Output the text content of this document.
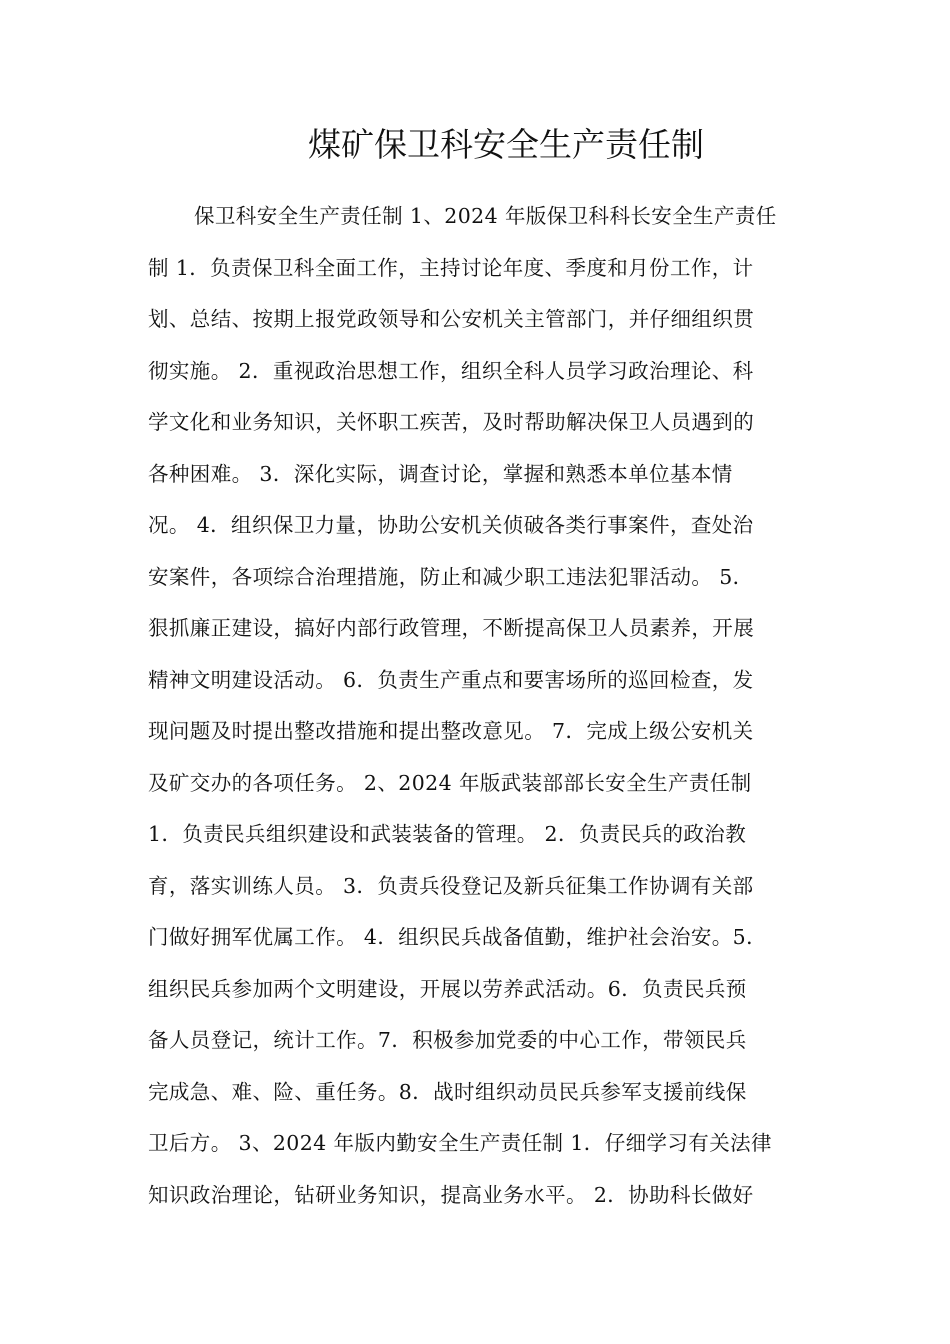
煤矿保卫科安全生产责任制
保卫科安全生产责任制 1、2024 年版保卫科科长安全生产责任
制 1．负责保卫科全面工作，主持讨论年度、季度和月份工作，计
划、总结、按期上报党政领导和公安机关主管部门，并仔细组织贯
彻实施。 2．重视政治思想工作，组织全科人员学习政治理论、科
学文化和业务知识，关怀职工疾苦，及时帮助解决保卫人员遇到的
各种困难。 3．深化实际，调查讨论，掌握和熟悉本单位基本情
况。 4．组织保卫力量，协助公安机关侦破各类行事案件，查处治
安案件，各项综合治理措施，防止和减少职工违法犯罪活动。 5．
狠抓廉正建设，搞好内部行政管理，不断提高保卫人员素养，开展
精神文明建设活动。 6．负责生产重点和要害场所的巡回检查，发
现问题及时提出整改措施和提出整改意见。 7．完成上级公安机关
及矿交办的各项任务。 2、2024 年版武装部部长安全生产责任制
1．负责民兵组织建设和武装装备的管理。 2．负责民兵的政治教
育，落实训练人员。 3．负责兵役登记及新兵征集工作协调有关部
门做好拥军优属工作。 4．组织民兵战备值勤，维护社会治安。5．
组织民兵参加两个文明建设，开展以劳养武活动。6．负责民兵预
备人员登记，统计工作。7．积极参加党委的中心工作，带领民兵
完成急、难、险、重任务。8．战时组织动员民兵参军支援前线保
卫后方。 3、2024 年版内勤安全生产责任制 1．仔细学习有关法律
知识政治理论，钻研业务知识，提高业务水平。 2．协助科长做好
